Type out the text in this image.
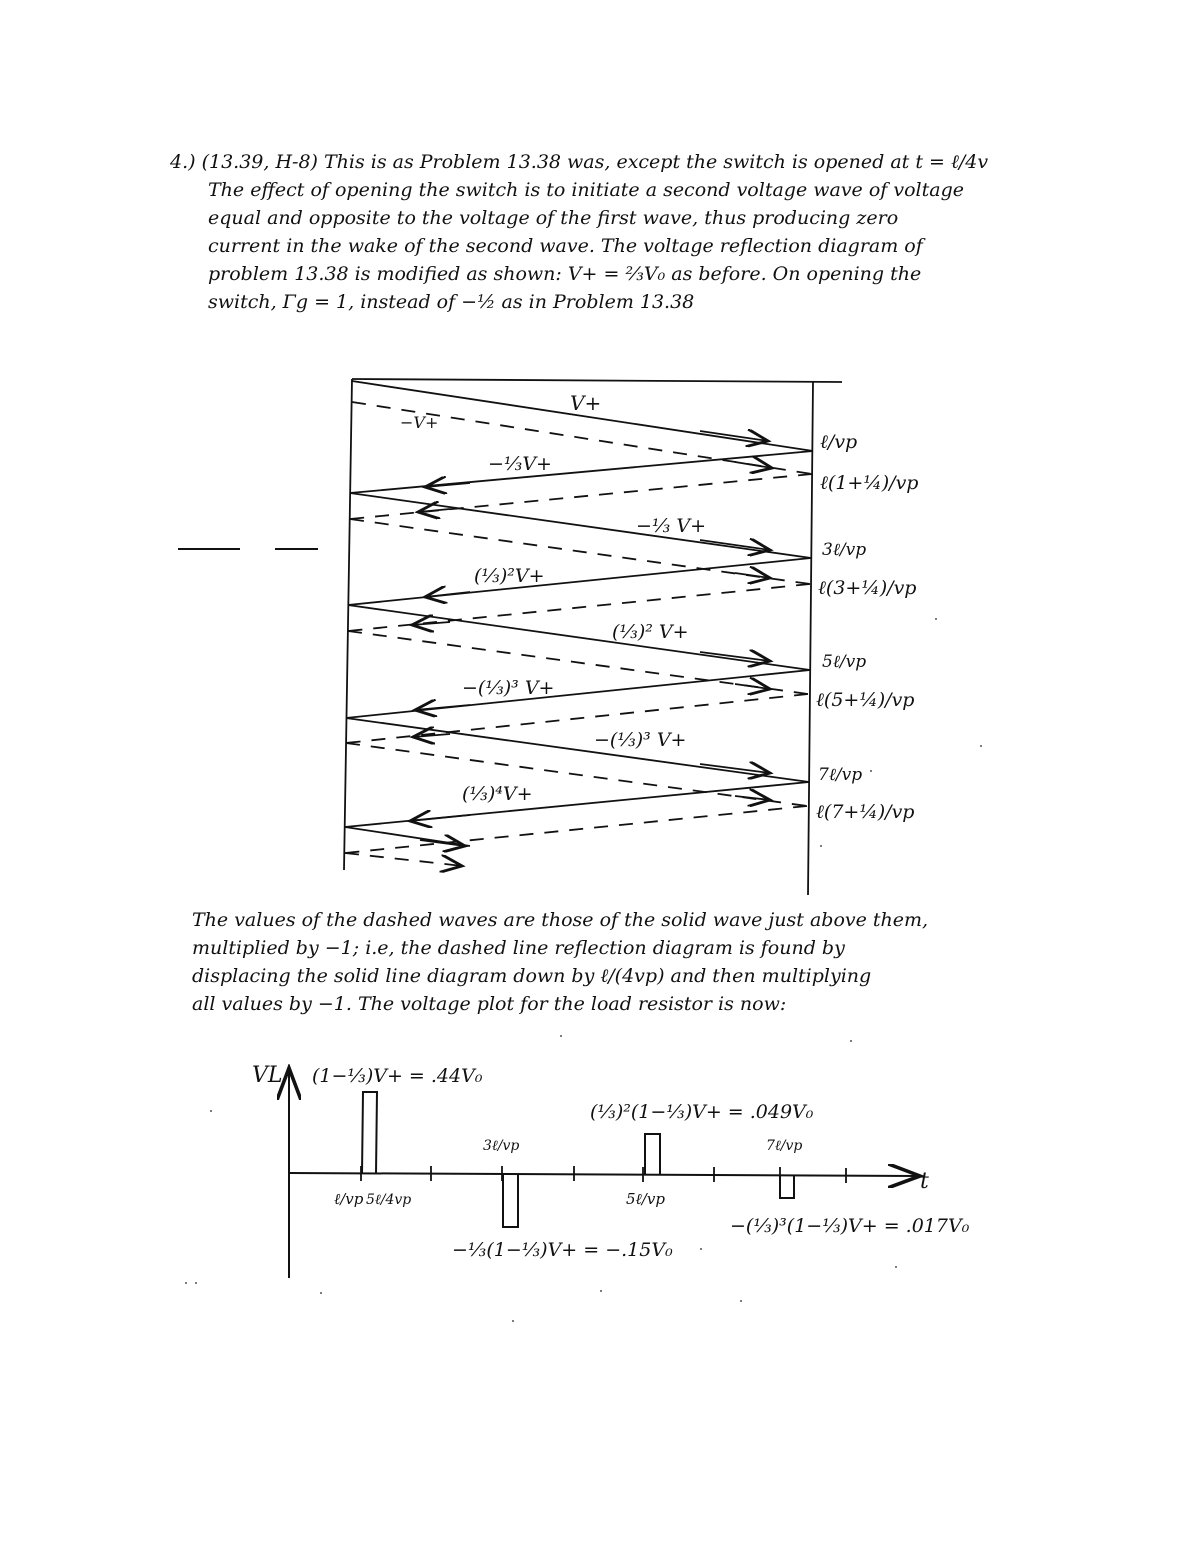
4.) (13.39, H-8) This is as Problem 13.38 was, except the switch is opened at t = ℓ/4v
The effect of opening the switch is to initiate a second voltage wave of voltage
equal and opposite to the voltage of the first wave, thus producing zero
current in the wake of the second wave. The voltage reflection diagram of
problem 13.38 is modified as shown: V+ = ⅔V₀ as before. On opening the
switch, Γg = 1, instead of −½ as in Problem 13.38
V+
−V+
−⅓V+
−⅓ V+
(⅓)²V+
(⅓)² V+
−(⅓)³ V+
−(⅓)³ V+
(⅓)⁴V+
ℓ/vp
ℓ(1+¼)/vp
3ℓ/vp
ℓ(3+¼)/vp
5ℓ/vp
ℓ(5+¼)/vp
7ℓ/vp
ℓ(7+¼)/vp
The values of the dashed waves are those of the solid wave just above them,
multiplied by −1; i.e, the dashed line reflection diagram is found by
displacing the solid line diagram down by ℓ/(4vp) and then multiplying
all values by −1. The voltage plot for the load resistor is now:
VL
t
(1−⅓)V+ = .44V₀
(⅓)²(1−⅓)V+ = .049V₀
−⅓(1−⅓)V+ = −.15V₀
−(⅓)³(1−⅓)V+ = .017V₀
ℓ/vp 5ℓ/4vp
3ℓ/vp
5ℓ/vp
7ℓ/vp
